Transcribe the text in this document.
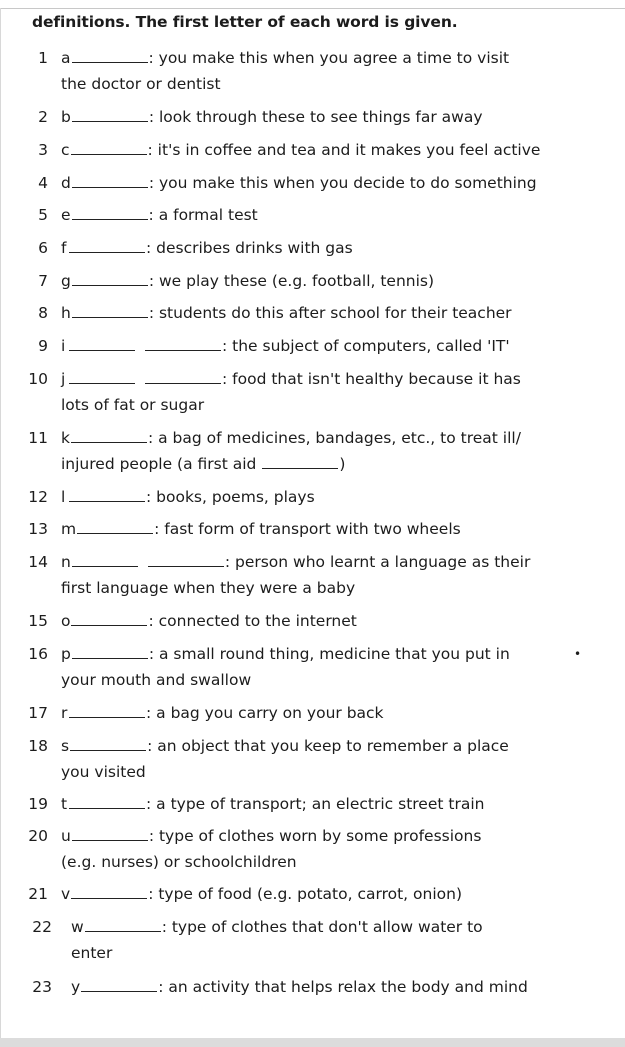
definitions. The first letter of each word is given.
1 a	: you make this when you agree a time to visit
the doctor or dentist
2 b	: look through these to see things far away
3 c	: it's in coffee and tea and it makes you feel active
4 d	: you make this when you decide to do something
5 e	: a formal test
6 f	: describes drinks with gas
7 g	: we play these (e.g. football, tennis)
8 h	: students do this after school for their teacher
9 i	: the subject of computers, called 'IT'
10 j	: food that isn't healthy because it has
lots of fat or sugar
11 k	: a bag of medicines, bandages, etc., to treat ill/
injured people (a first aid	)
12 l	: books, poems, plays
13 m	: fast form of transport with two wheels
14 n	: person who learnt a language as their
first language when they were a baby
15 o	: connected to the internet
16 p	: a small round thing, medicine that you put in	•
your mouth and swallow
17 r	: a bag you carry on your back
18 s	: an object that you keep to remember a place
you visited
19 t	: a type of transport; an electric street train
20 u	: type of clothes worn by some professions
(e.g. nurses) or schoolchildren
21 v	: type of food (e.g. potato, carrot, onion)
22 w	: type of clothes that don't allow water to
enter
23 y	: an activity that helps relax the body and mind
